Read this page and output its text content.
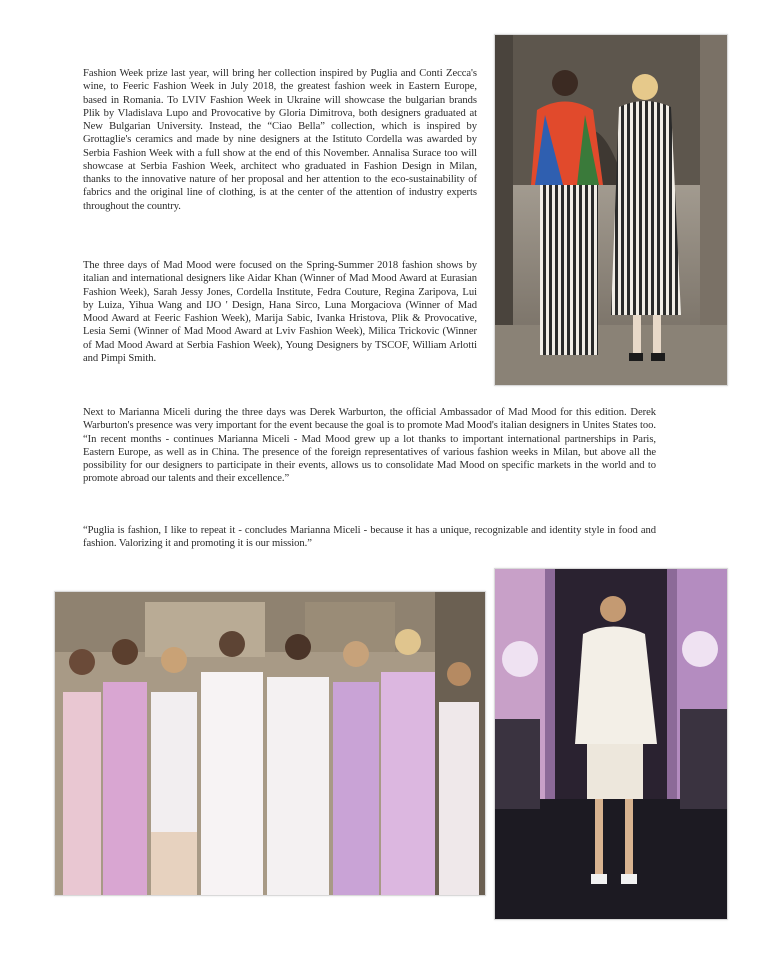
Fashion Week prize last year, will bring her collection inspired by Puglia and Conti Zecca's wine, to Feeric Fashion Week in July 2018, the greatest fashion week in Eastern Europe, based in Romania. To LVIV Fashion Week in Ukraine will showcase the bulgarian brands Plik by Vladislava Lupo and Provocative by Gloria Dimitrova, both designers graduated at New Bulgarian University. Instead, the “Ciao Bella” collection, which is inspired by Grottaglie's ceramics and made by nine designers at the Istituto Cordella was awarded by Serbia Fashion Week with a full show at the end of this November. Annalisa Surace too will showcase at Serbia Fashion Week, architect who graduated in Fashion Design in Milan, thanks to the innovative nature of her proposal and her attention to the eco-sustainability of fabrics and the original line of clothing, is at the center of the attention of industry experts throughout the country.

The three days of Mad Mood were focused on the Spring-Summer 2018 fashion shows by italian and international designers like Aidar Khan (Winner of Mad Mood Award at Eurasian Fashion Week), Sarah Jessy Jones, Cordella Institute, Fedra Couture, Regina Zaripova, Lui by Luiza, Yihua Wang and IJO ' Design, Hana Sirco, Luna Morgaciova (Winner of Mad Mood Award at Feeric Fashion Week), Marija Sabic, Ivanka Hristova, Plik & Provocative, Lesia Semi (Winner of Mad Mood Award at Lviv Fashion Week), Milica Trickovic (Winner of Mad Mood Award at Serbia Fashion Week), Young Designers by TSCOF, William Arlotti and Pimpi Smith.

Next to Marianna Miceli during the three days was Derek Warburton, the official Ambassador of Mad Mood for this edition. Derek Warburton's presence was very important for the event because the goal is to promote Mad Mood's italian designers in Unites States too. “In recent months - continues Marianna Miceli - Mad Mood grew up a lot thanks to important international partnerships in Paris, Eastern Europe, as well as in China. The presence of the foreign representatives of various fashion weeks in Milan, but above all the possibility for our designers to participate in their events, allows us to consolidate Mad Mood on specific markets in the world and to promote abroad our talents and their excellence.”

“Puglia is fashion, I like to repeat it - concludes Marianna Miceli - because it has a unique, recognizable and identity style in food and fashion. Valorizing it and promoting it is our mission.”
